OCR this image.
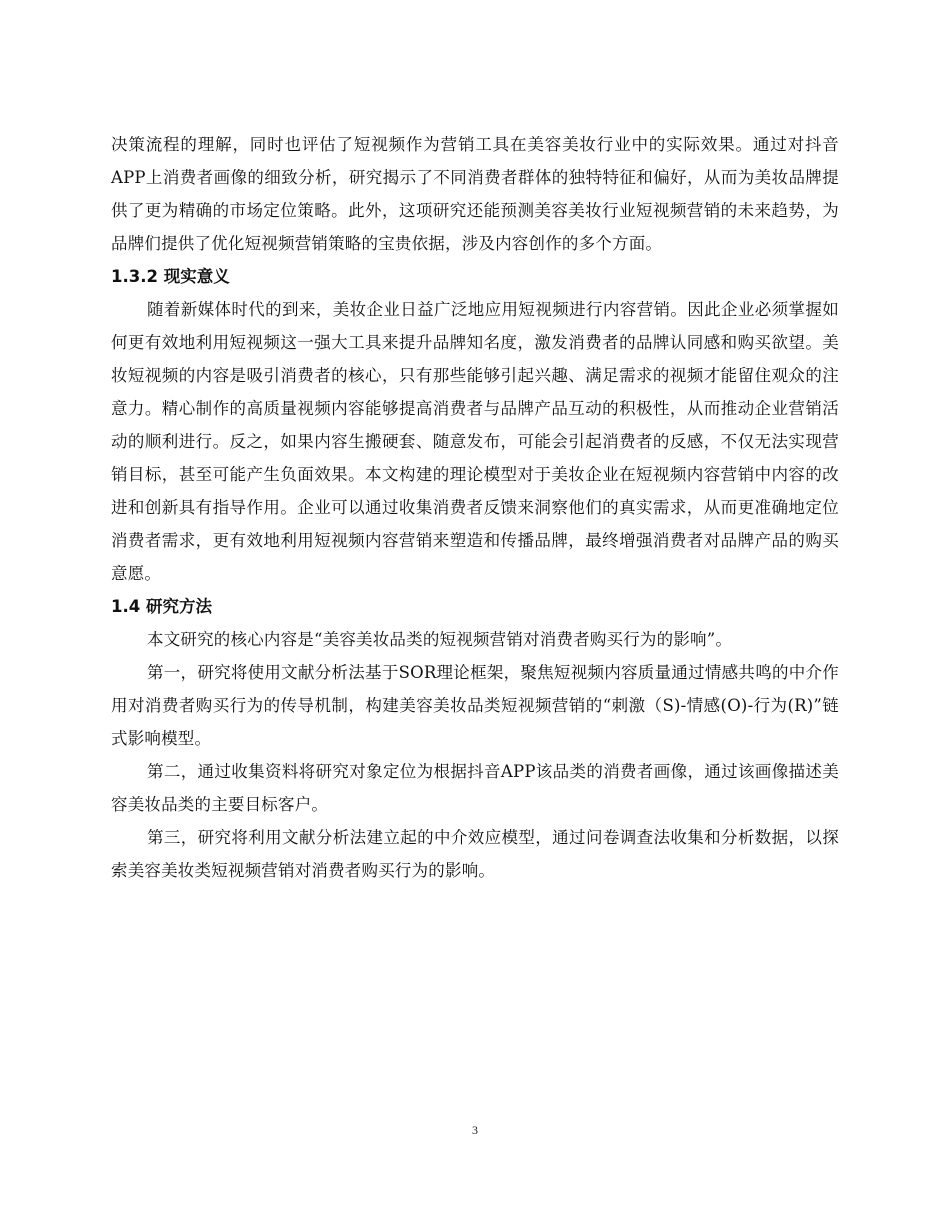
决策流程的理解，同时也评估了短视频作为营销工具在美容美妆行业中的实际效果。通过对抖音APP上消费者画像的细致分析，研究揭示了不同消费者群体的独特特征和偏好，从而为美妆品牌提供了更为精确的市场定位策略。此外，这项研究还能预测美容美妆行业短视频营销的未来趋势，为品牌们提供了优化短视频营销策略的宝贵依据，涉及内容创作的多个方面。

1.3.2 现实意义

随着新媒体时代的到来，美妆企业日益广泛地应用短视频进行内容营销。因此企业必须掌握如何更有效地利用短视频这一强大工具来提升品牌知名度，激发消费者的品牌认同感和购买欲望。美妆短视频的内容是吸引消费者的核心，只有那些能够引起兴趣、满足需求的视频才能留住观众的注意力。精心制作的高质量视频内容能够提高消费者与品牌产品互动的积极性，从而推动企业营销活动的顺利进行。反之，如果内容生搬硬套、随意发布，可能会引起消费者的反感，不仅无法实现营销目标，甚至可能产生负面效果。本文构建的理论模型对于美妆企业在短视频内容营销中内容的改进和创新具有指导作用。企业可以通过收集消费者反馈来洞察他们的真实需求，从而更准确地定位消费者需求，更有效地利用短视频内容营销来塑造和传播品牌，最终增强消费者对品牌产品的购买意愿。

1.4 研究方法

本文研究的核心内容是“美容美妆品类的短视频营销对消费者购买行为的影响”。

第一，研究将使用文献分析法基于SOR理论框架，聚焦短视频内容质量通过情感共鸣的中介作用对消费者购买行为的传导机制，构建美容美妆品类短视频营销的“刺激（S)-情感(O)-行为(R)”链式影响模型。

第二，通过收集资料将研究对象定位为根据抖音APP该品类的消费者画像，通过该画像描述美容美妆品类的主要目标客户。

第三，研究将利用文献分析法建立起的中介效应模型，通过问卷调查法收集和分析数据，以探索美容美妆类短视频营销对消费者购买行为的影响。

3
